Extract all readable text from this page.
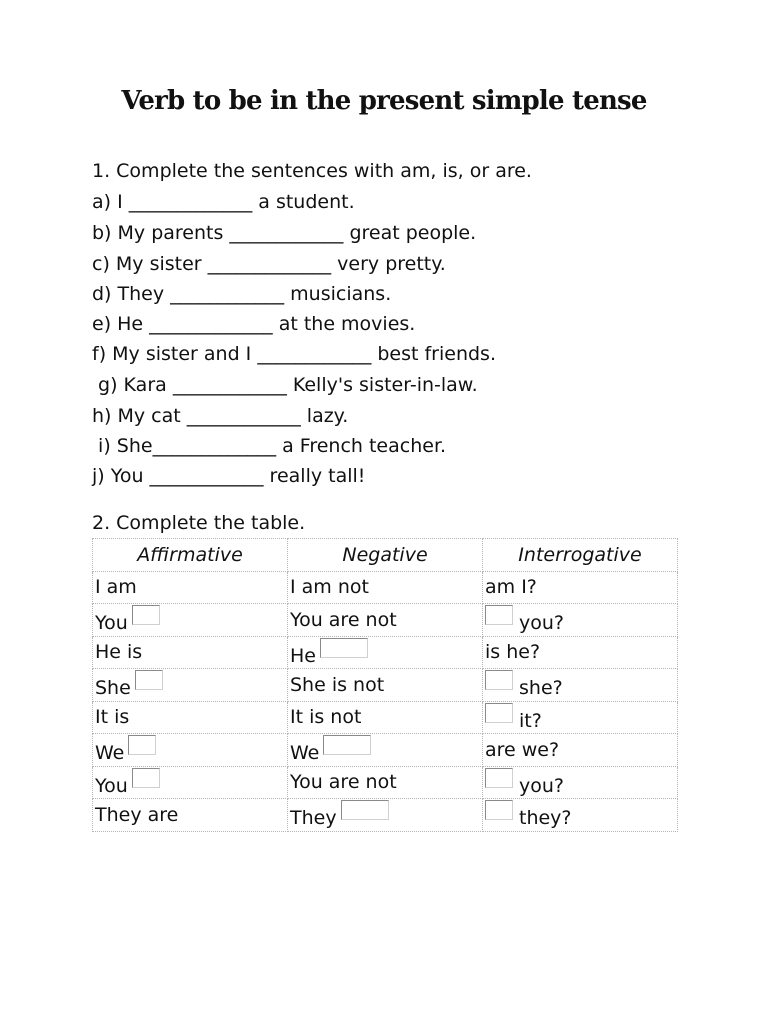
Verb to be in the present simple tense
1. Complete the sentences with am, is, or are.
a) I _____________ a student.
b) My parents ____________ great people.
c) My sister _____________ very pretty.
d) They ____________ musicians.
e) He _____________ at the movies.
f) My sister and I ____________ best friends.
g) Kara ____________ Kelly's sister-in-law.
h) My cat ____________ lazy.
i) She_____________ a French teacher.
j) You ____________ really tall!
2. Complete the table.
Affirmative	Negative	Interrogative
I am	I am not	am I?
You	You are not	you?
He is	He	is he?
She	She is not	she?
It is	It is not	it?
We	We	are we?
You	You are not	you?
They are	They	they?
